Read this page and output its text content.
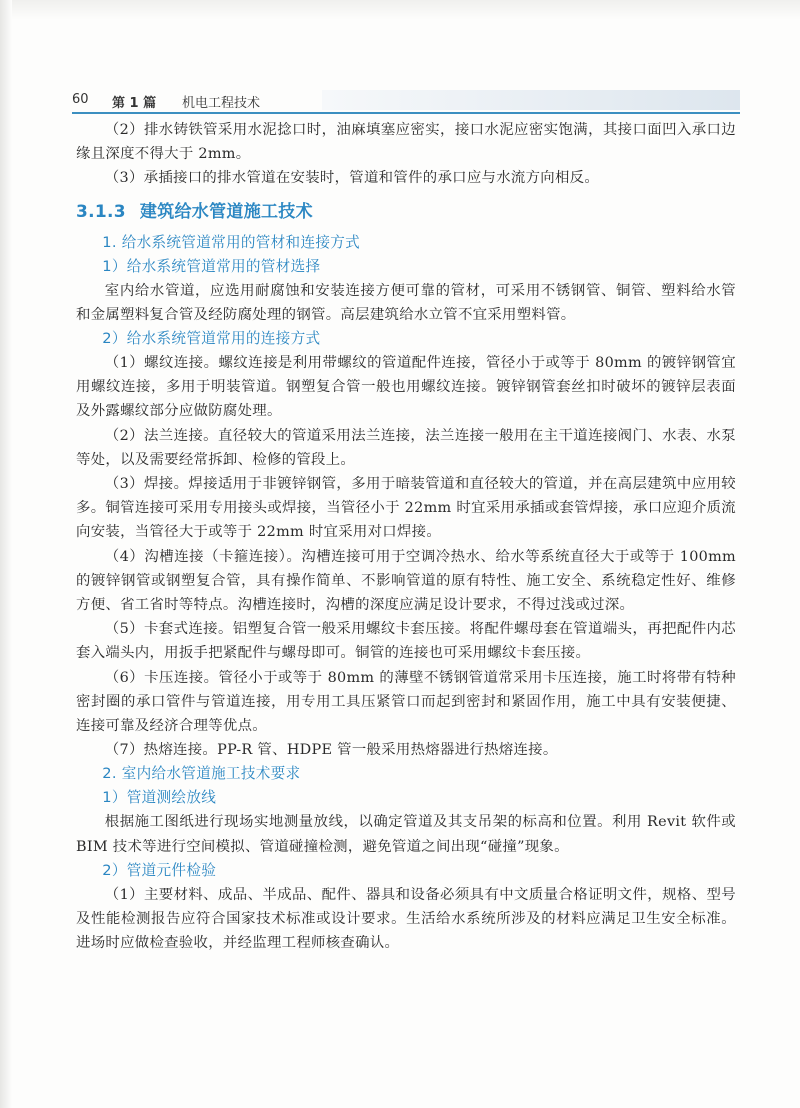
60 第 1 篇 机电工程技术

（2）排水铸铁管采用水泥捻口时，油麻填塞应密实，接口水泥应密实饱满，其接口面凹入承口边缘且深度不得大于 2mm。

（3）承插接口的排水管道在安装时，管道和管件的承口应与水流方向相反。

3.1.3 建筑给水管道施工技术
1. 给水系统管道常用的管材和连接方式
1）给水系统管道常用的管材选择

室内给水管道，应选用耐腐蚀和安装连接方便可靠的管材，可采用不锈钢管、铜管、塑料给水管和金属塑料复合管及经防腐处理的钢管。高层建筑给水立管不宜采用塑料管。

2）给水系统管道常用的连接方式

（1）螺纹连接。螺纹连接是利用带螺纹的管道配件连接，管径小于或等于 80mm 的镀锌钢管宜用螺纹连接，多用于明装管道。钢塑复合管一般也用螺纹连接。镀锌钢管套丝扣时破坏的镀锌层表面及外露螺纹部分应做防腐处理。

（2）法兰连接。直径较大的管道采用法兰连接，法兰连接一般用在主干道连接阀门、水表、水泵等处，以及需要经常拆卸、检修的管段上。

（3）焊接。焊接适用于非镀锌钢管，多用于暗装管道和直径较大的管道，并在高层建筑中应用较多。铜管连接可采用专用接头或焊接，当管径小于 22mm 时宜采用承插或套管焊接，承口应迎介质流向安装，当管径大于或等于 22mm 时宜采用对口焊接。

（4）沟槽连接（卡箍连接）。沟槽连接可用于空调冷热水、给水等系统直径大于或等于 100mm 的镀锌钢管或钢塑复合管，具有操作简单、不影响管道的原有特性、施工安全、系统稳定性好、维修方便、省工省时等特点。沟槽连接时，沟槽的深度应满足设计要求，不得过浅或过深。

（5）卡套式连接。铝塑复合管一般采用螺纹卡套压接。将配件螺母套在管道端头，再把配件内芯套入端头内，用扳手把紧配件与螺母即可。铜管的连接也可采用螺纹卡套压接。

（6）卡压连接。管径小于或等于 80mm 的薄壁不锈钢管道常采用卡压连接，施工时将带有特种密封圈的承口管件与管道连接，用专用工具压紧管口而起到密封和紧固作用，施工中具有安装便捷、连接可靠及经济合理等优点。

（7）热熔连接。PP-R 管、HDPE 管一般采用热熔器进行热熔连接。

2. 室内给水管道施工技术要求
1）管道测绘放线

根据施工图纸进行现场实地测量放线，以确定管道及其支吊架的标高和位置。利用 Revit 软件或 BIM 技术等进行空间模拟、管道碰撞检测，避免管道之间出现“碰撞”现象。

2）管道元件检验

（1）主要材料、成品、半成品、配件、器具和设备必须具有中文质量合格证明文件，规格、型号及性能检测报告应符合国家技术标准或设计要求。生活给水系统所涉及的材料应满足卫生安全标准。进场时应做检查验收，并经监理工程师核查确认。
